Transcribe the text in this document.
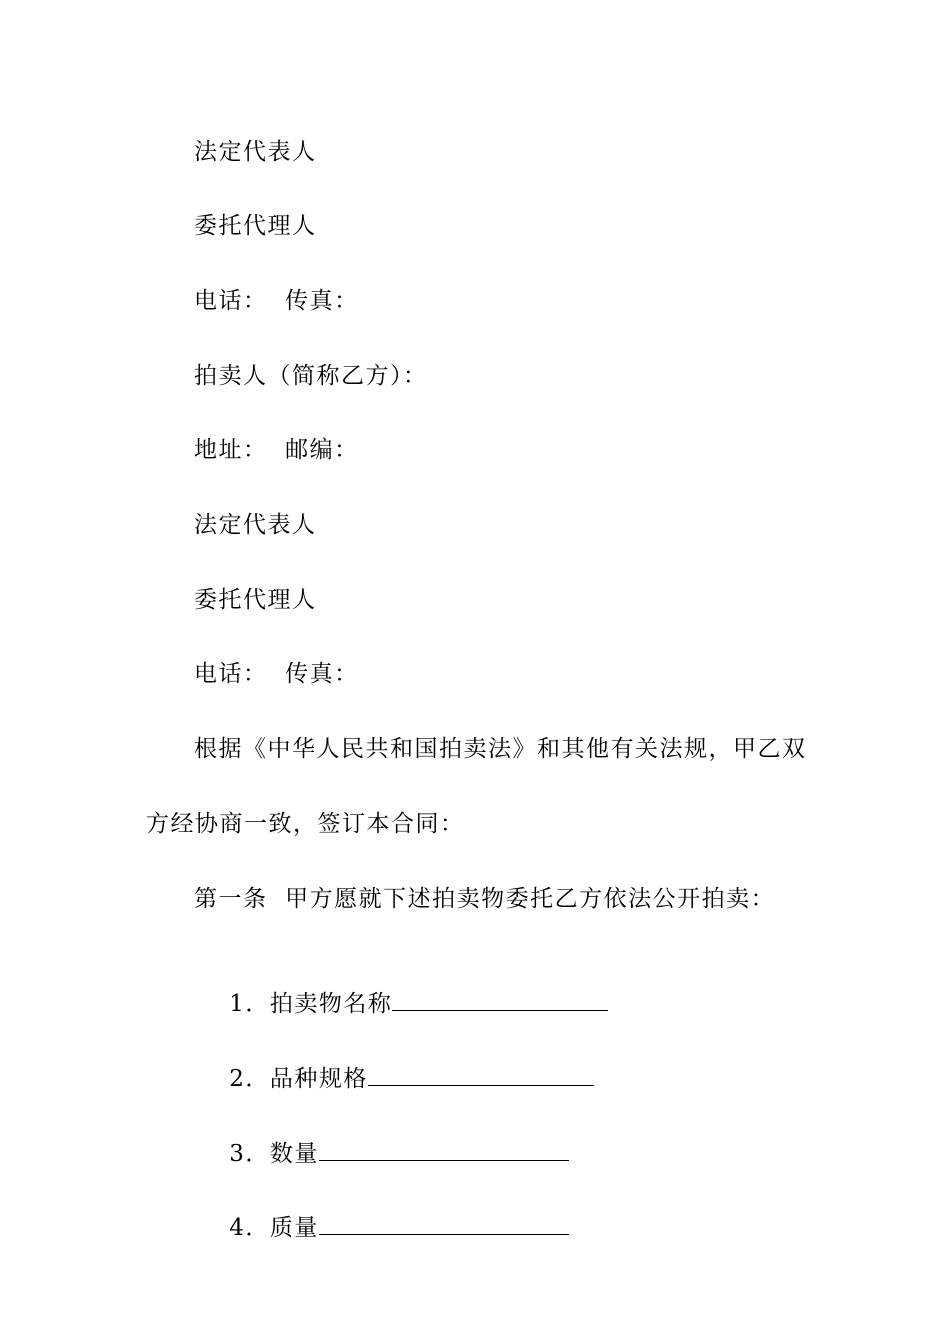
法定代表人
委托代理人
电话：  传真：
拍卖人（简称乙方）：
地址：  邮编：
法定代表人
委托代理人
电话：  传真：
根据《中华人民共和国拍卖法》和其他有关法规，甲乙双
方经协商一致，签订本合同：
第一条  甲方愿就下述拍卖物委托乙方依法公开拍卖：

1．拍卖物名称

2．品种规格

3．数量

4．质量
